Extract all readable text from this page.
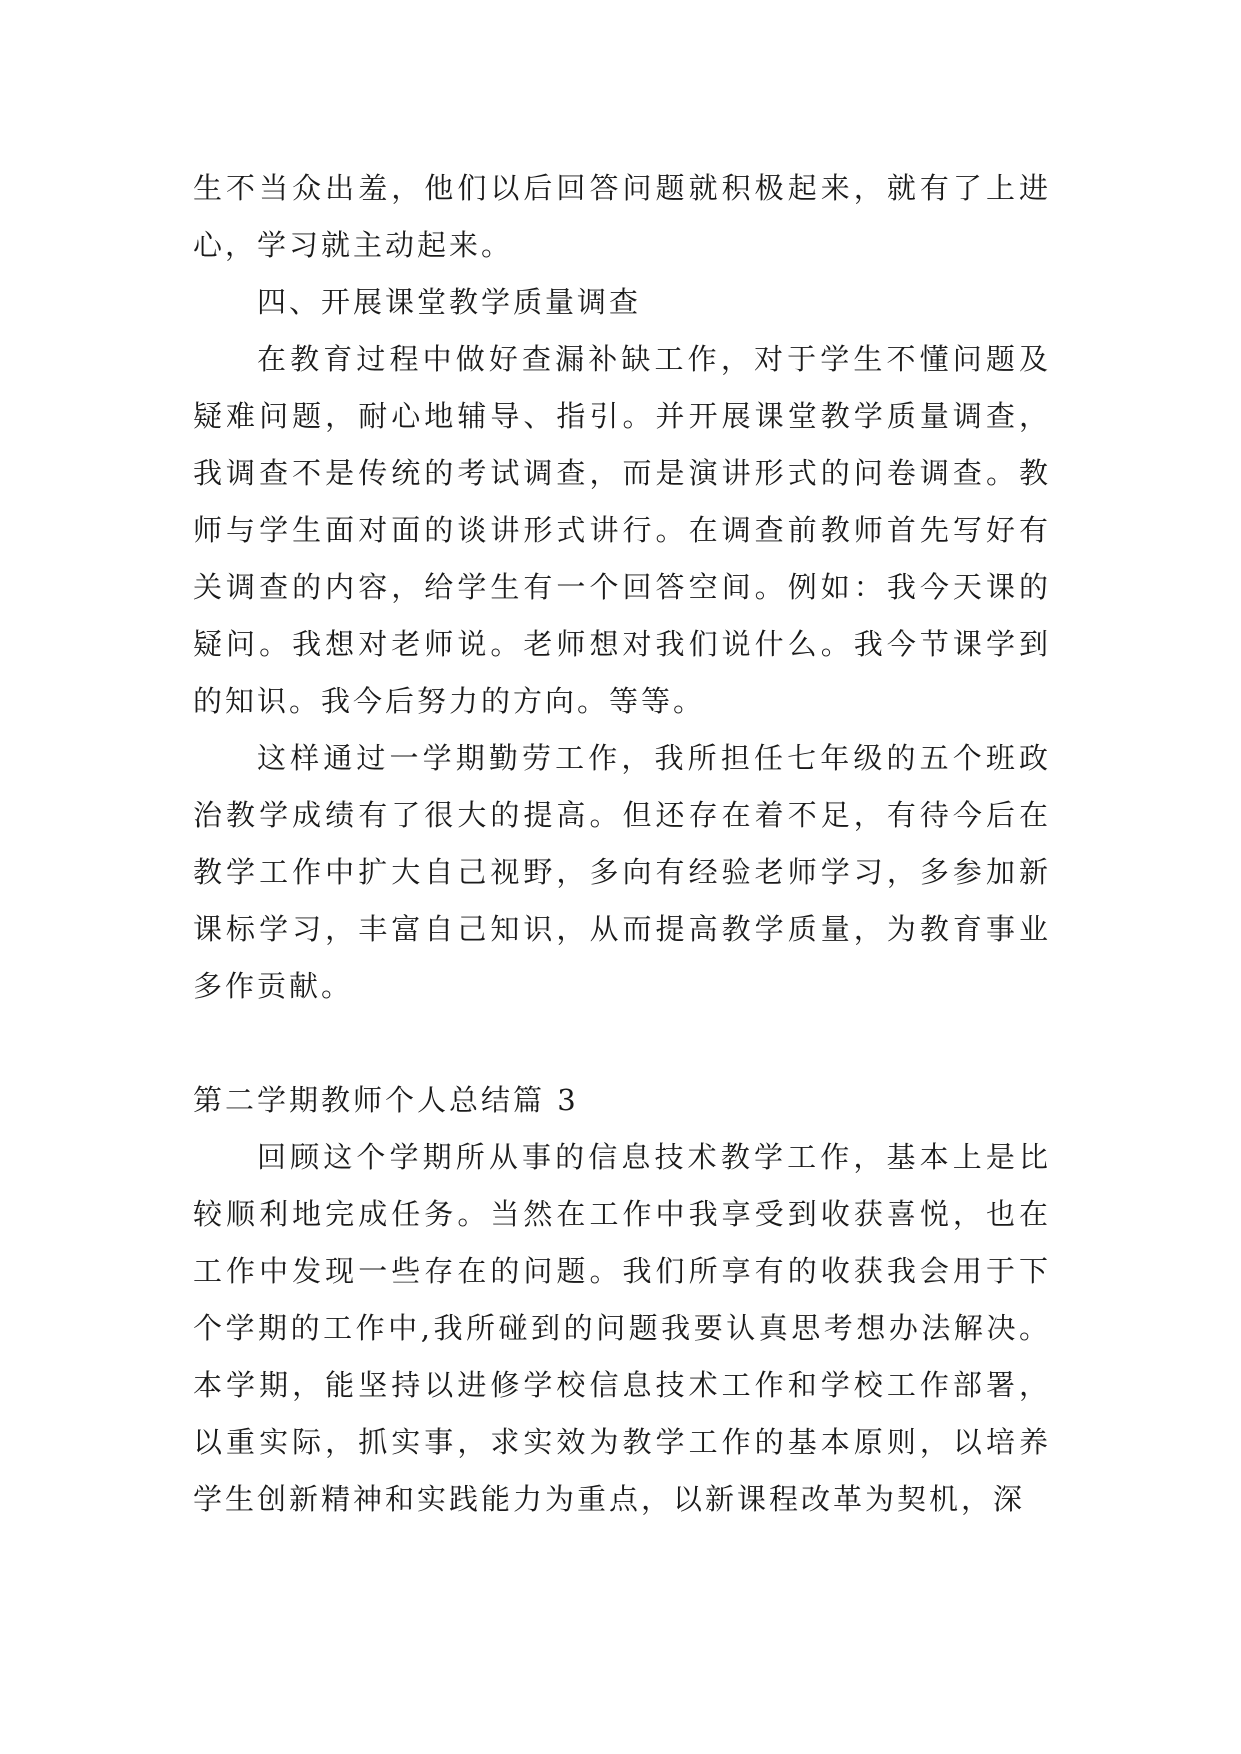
生不当众出羞，他们以后回答问题就积极起来，就有了上进心，学习就主动起来。

四、开展课堂教学质量调查

在教育过程中做好查漏补缺工作，对于学生不懂问题及疑难问题，耐心地辅导、指引。并开展课堂教学质量调查，我调查不是传统的考试调查，而是演讲形式的问卷调查。教师与学生面对面的谈讲形式讲行。在调查前教师首先写好有关调查的内容，给学生有一个回答空间。例如：我今天课的疑问。我想对老师说。老师想对我们说什么。我今节课学到的知识。我今后努力的方向。等等。

这样通过一学期勤劳工作，我所担任七年级的五个班政治教学成绩有了很大的提高。但还存在着不足，有待今后在教学工作中扩大自己视野，多向有经验老师学习，多参加新课标学习，丰富自己知识，从而提高教学质量，为教育事业多作贡献。

第二学期教师个人总结篇 3

回顾这个学期所从事的信息技术教学工作，基本上是比较顺利地完成任务。当然在工作中我享受到收获喜悦，也在工作中发现一些存在的问题。我们所享有的收获我会用于下个学期的工作中,我所碰到的问题我要认真思考想办法解决。本学期，能坚持以进修学校信息技术工作和学校工作部署，以重实际，抓实事，求实效为教学工作的基本原则，以培养学生创新精神和实践能力为重点，以新课程改革为契机，深
